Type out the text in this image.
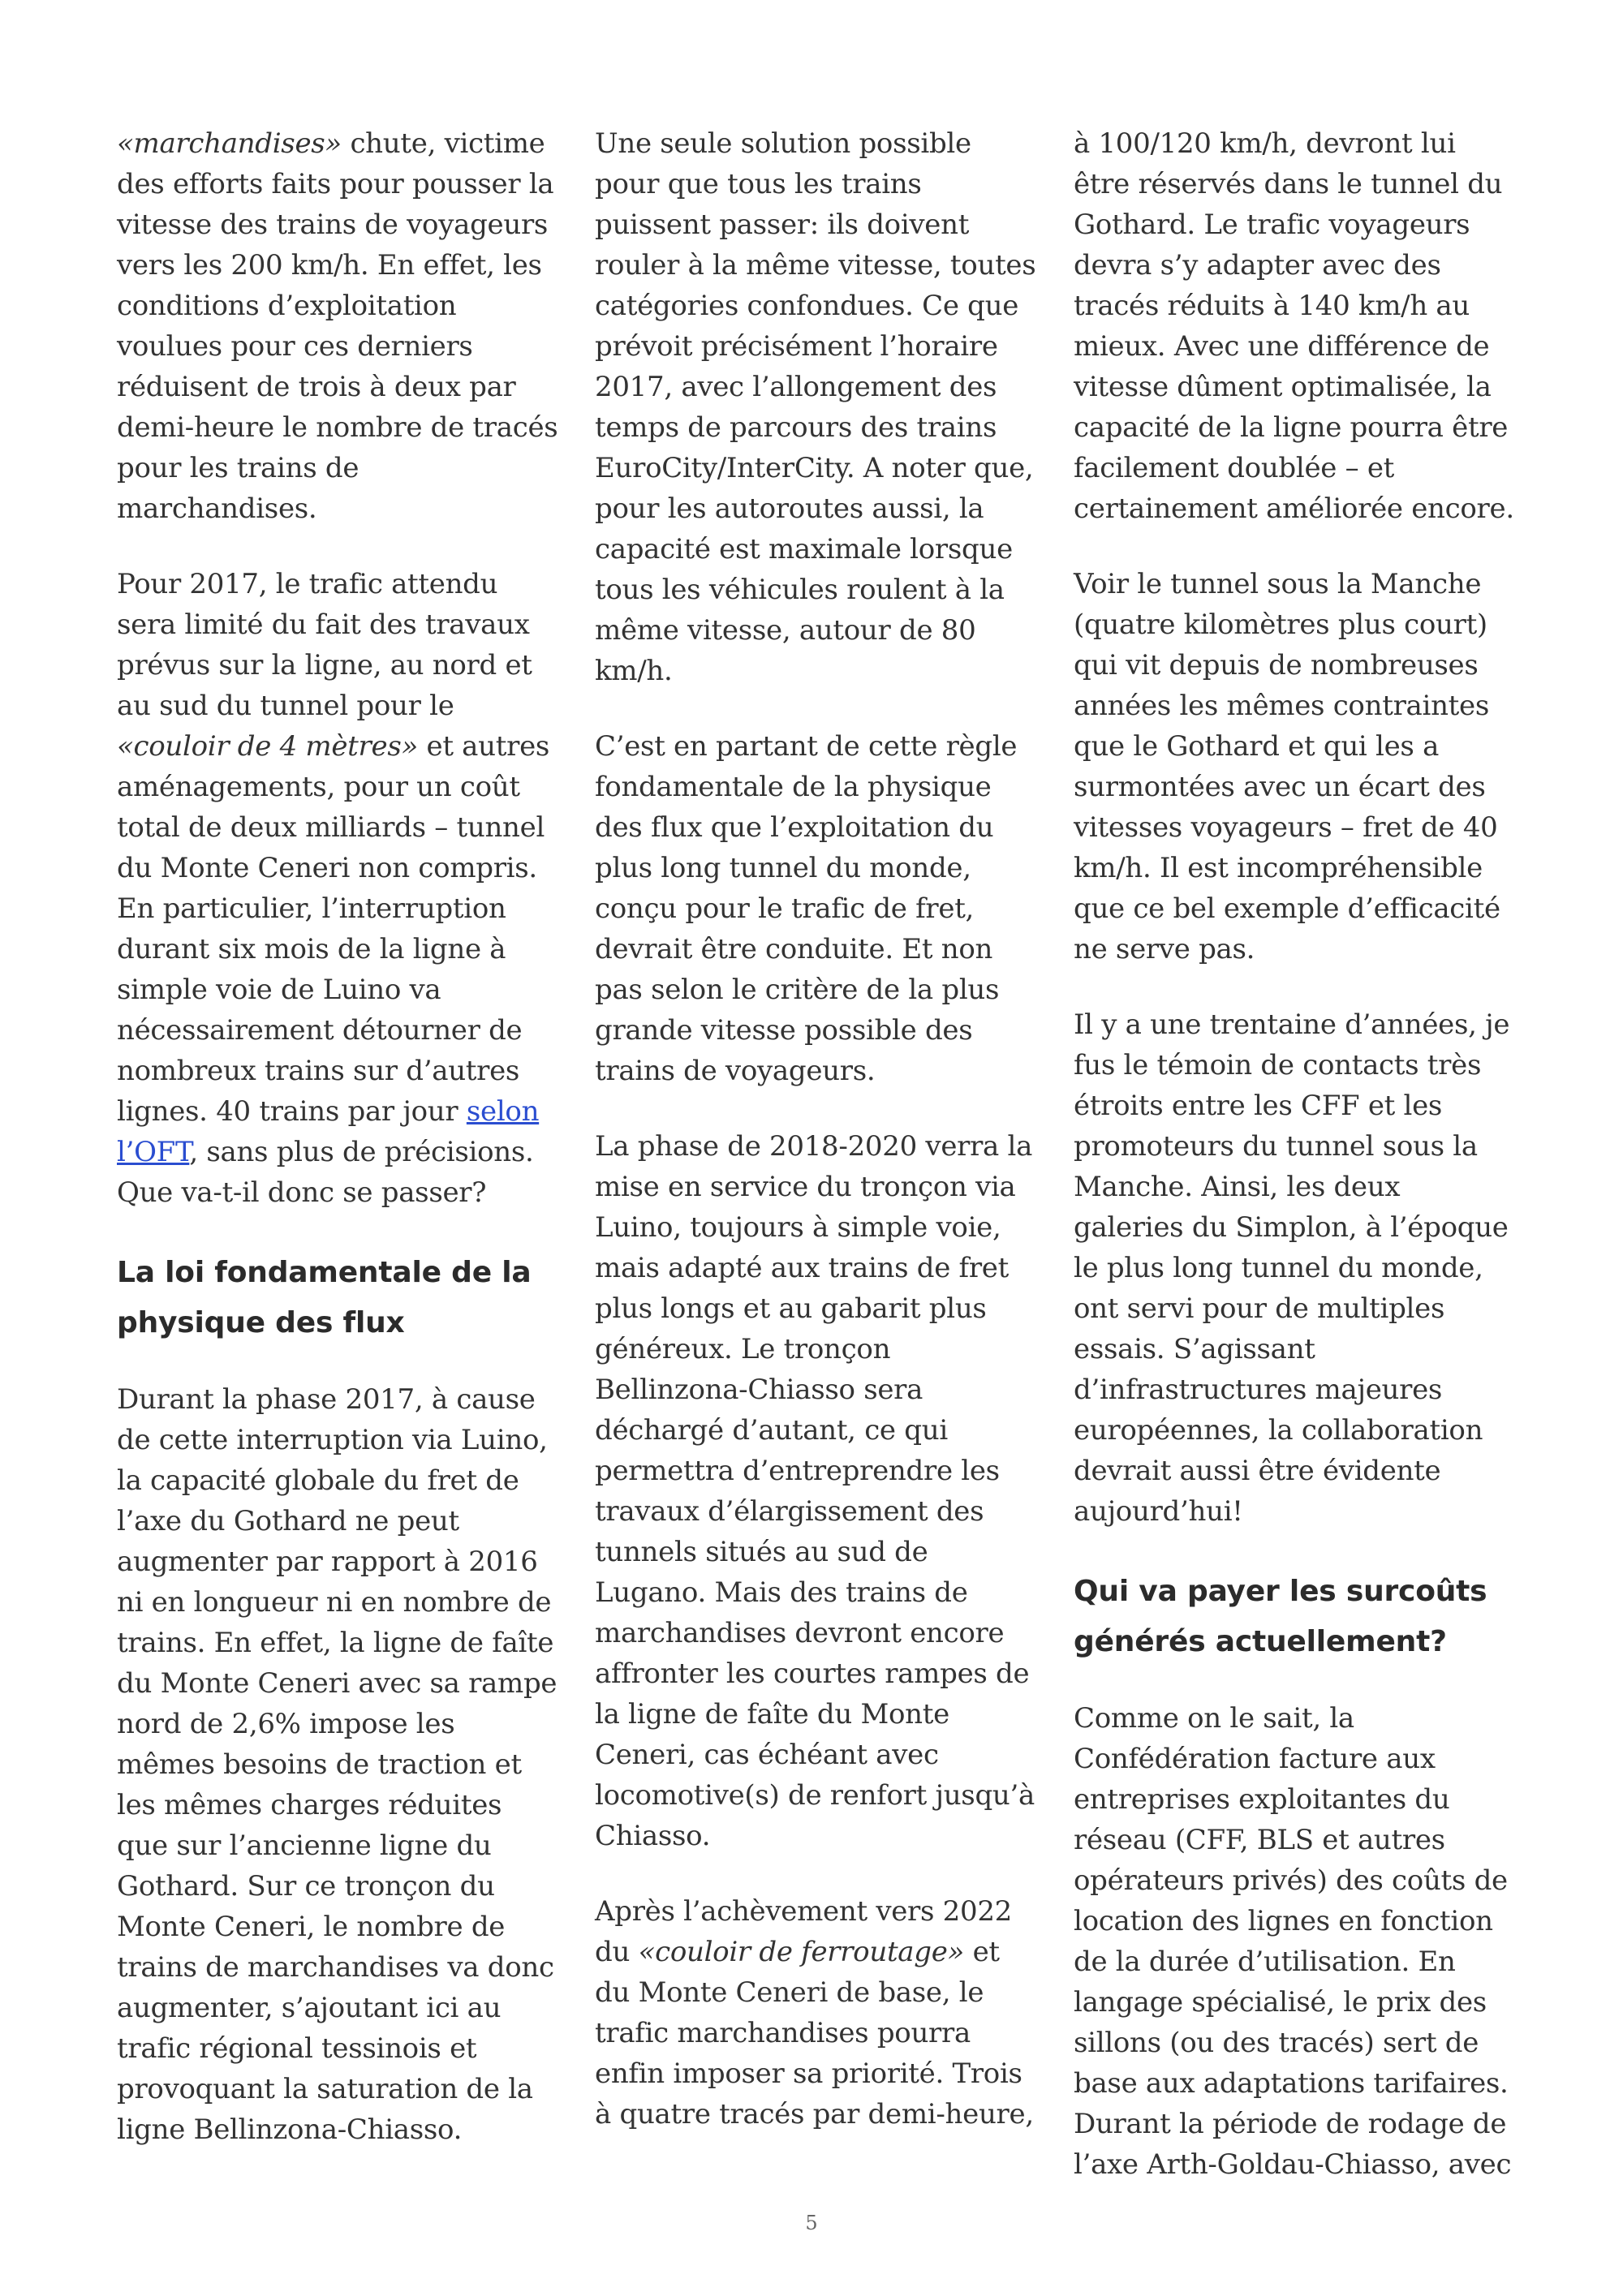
«marchandises» chute, victime des efforts faits pour pousser la vitesse des trains de voyageurs vers les 200 km/h. En effet, les conditions d’exploitation voulues pour ces derniers réduisent de trois à deux par demi-heure le nombre de tracés pour les trains de marchandises.

Pour 2017, le trafic attendu sera limité du fait des travaux prévus sur la ligne, au nord et au sud du tunnel pour le «couloir de 4 mètres» et autres aménagements, pour un coût total de deux milliards – tunnel du Monte Ceneri non compris. En particulier, l’interruption durant six mois de la ligne à simple voie de Luino va nécessairement détourner de nombreux trains sur d’autres lignes. 40 trains par jour selon l’OFT, sans plus de précisions. Que va-t-il donc se passer?

La loi fondamentale de la physique des flux

Durant la phase 2017, à cause de cette interruption via Luino, la capacité globale du fret de l’axe du Gothard ne peut augmenter par rapport à 2016 ni en longueur ni en nombre de trains. En effet, la ligne de faîte du Monte Ceneri avec sa rampe nord de 2,6% impose les mêmes besoins de traction et les mêmes charges réduites que sur l’ancienne ligne du Gothard. Sur ce tronçon du Monte Ceneri, le nombre de trains de marchandises va donc augmenter, s’ajoutant ici au trafic régional tessinois et provoquant la saturation de la ligne Bellinzona-Chiasso.

Une seule solution possible pour que tous les trains puissent passer: ils doivent rouler à la même vitesse, toutes catégories confondues. Ce que prévoit précisément l’horaire 2017, avec l’allongement des temps de parcours des trains EuroCity/InterCity. A noter que, pour les autoroutes aussi, la capacité est maximale lorsque tous les véhicules roulent à la même vitesse, autour de 80 km/h.

C’est en partant de cette règle fondamentale de la physique des flux que l’exploitation du plus long tunnel du monde, conçu pour le trafic de fret, devrait être conduite. Et non pas selon le critère de la plus grande vitesse possible des trains de voyageurs.

La phase de 2018-2020 verra la mise en service du tronçon via Luino, toujours à simple voie, mais adapté aux trains de fret plus longs et au gabarit plus généreux. Le tronçon Bellinzona-Chiasso sera déchargé d’autant, ce qui permettra d’entreprendre les travaux d’élargissement des tunnels situés au sud de Lugano. Mais des trains de marchandises devront encore affronter les courtes rampes de la ligne de faîte du Monte Ceneri, cas échéant avec locomotive(s) de renfort jusqu’à Chiasso.

Après l’achèvement vers 2022 du «couloir de ferroutage» et du Monte Ceneri de base, le trafic marchandises pourra enfin imposer sa priorité. Trois à quatre tracés par demi-heure,

à 100/120 km/h, devront lui être réservés dans le tunnel du Gothard. Le trafic voyageurs devra s’y adapter avec des tracés réduits à 140 km/h au mieux. Avec une différence de vitesse dûment optimalisée, la capacité de la ligne pourra être facilement doublée – et certainement améliorée encore.

Voir le tunnel sous la Manche (quatre kilomètres plus court) qui vit depuis de nombreuses années les mêmes contraintes que le Gothard et qui les a surmontées avec un écart des vitesses voyageurs – fret de 40 km/h. Il est incompréhensible que ce bel exemple d’efficacité ne serve pas.

Il y a une trentaine d’années, je fus le témoin de contacts très étroits entre les CFF et les promoteurs du tunnel sous la Manche. Ainsi, les deux galeries du Simplon, à l’époque le plus long tunnel du monde, ont servi pour de multiples essais. S’agissant d’infrastructures majeures européennes, la collaboration devrait aussi être évidente aujourd’hui!

Qui va payer les surcoûts générés actuellement?

Comme on le sait, la Confédération facture aux entreprises exploitantes du réseau (CFF, BLS et autres opérateurs privés) des coûts de location des lignes en fonction de la durée d’utilisation. En langage spécialisé, le prix des sillons (ou des tracés) sert de base aux adaptations tarifaires. Durant la période de rodage de l’axe Arth-Goldau-Chiasso, avec

5
